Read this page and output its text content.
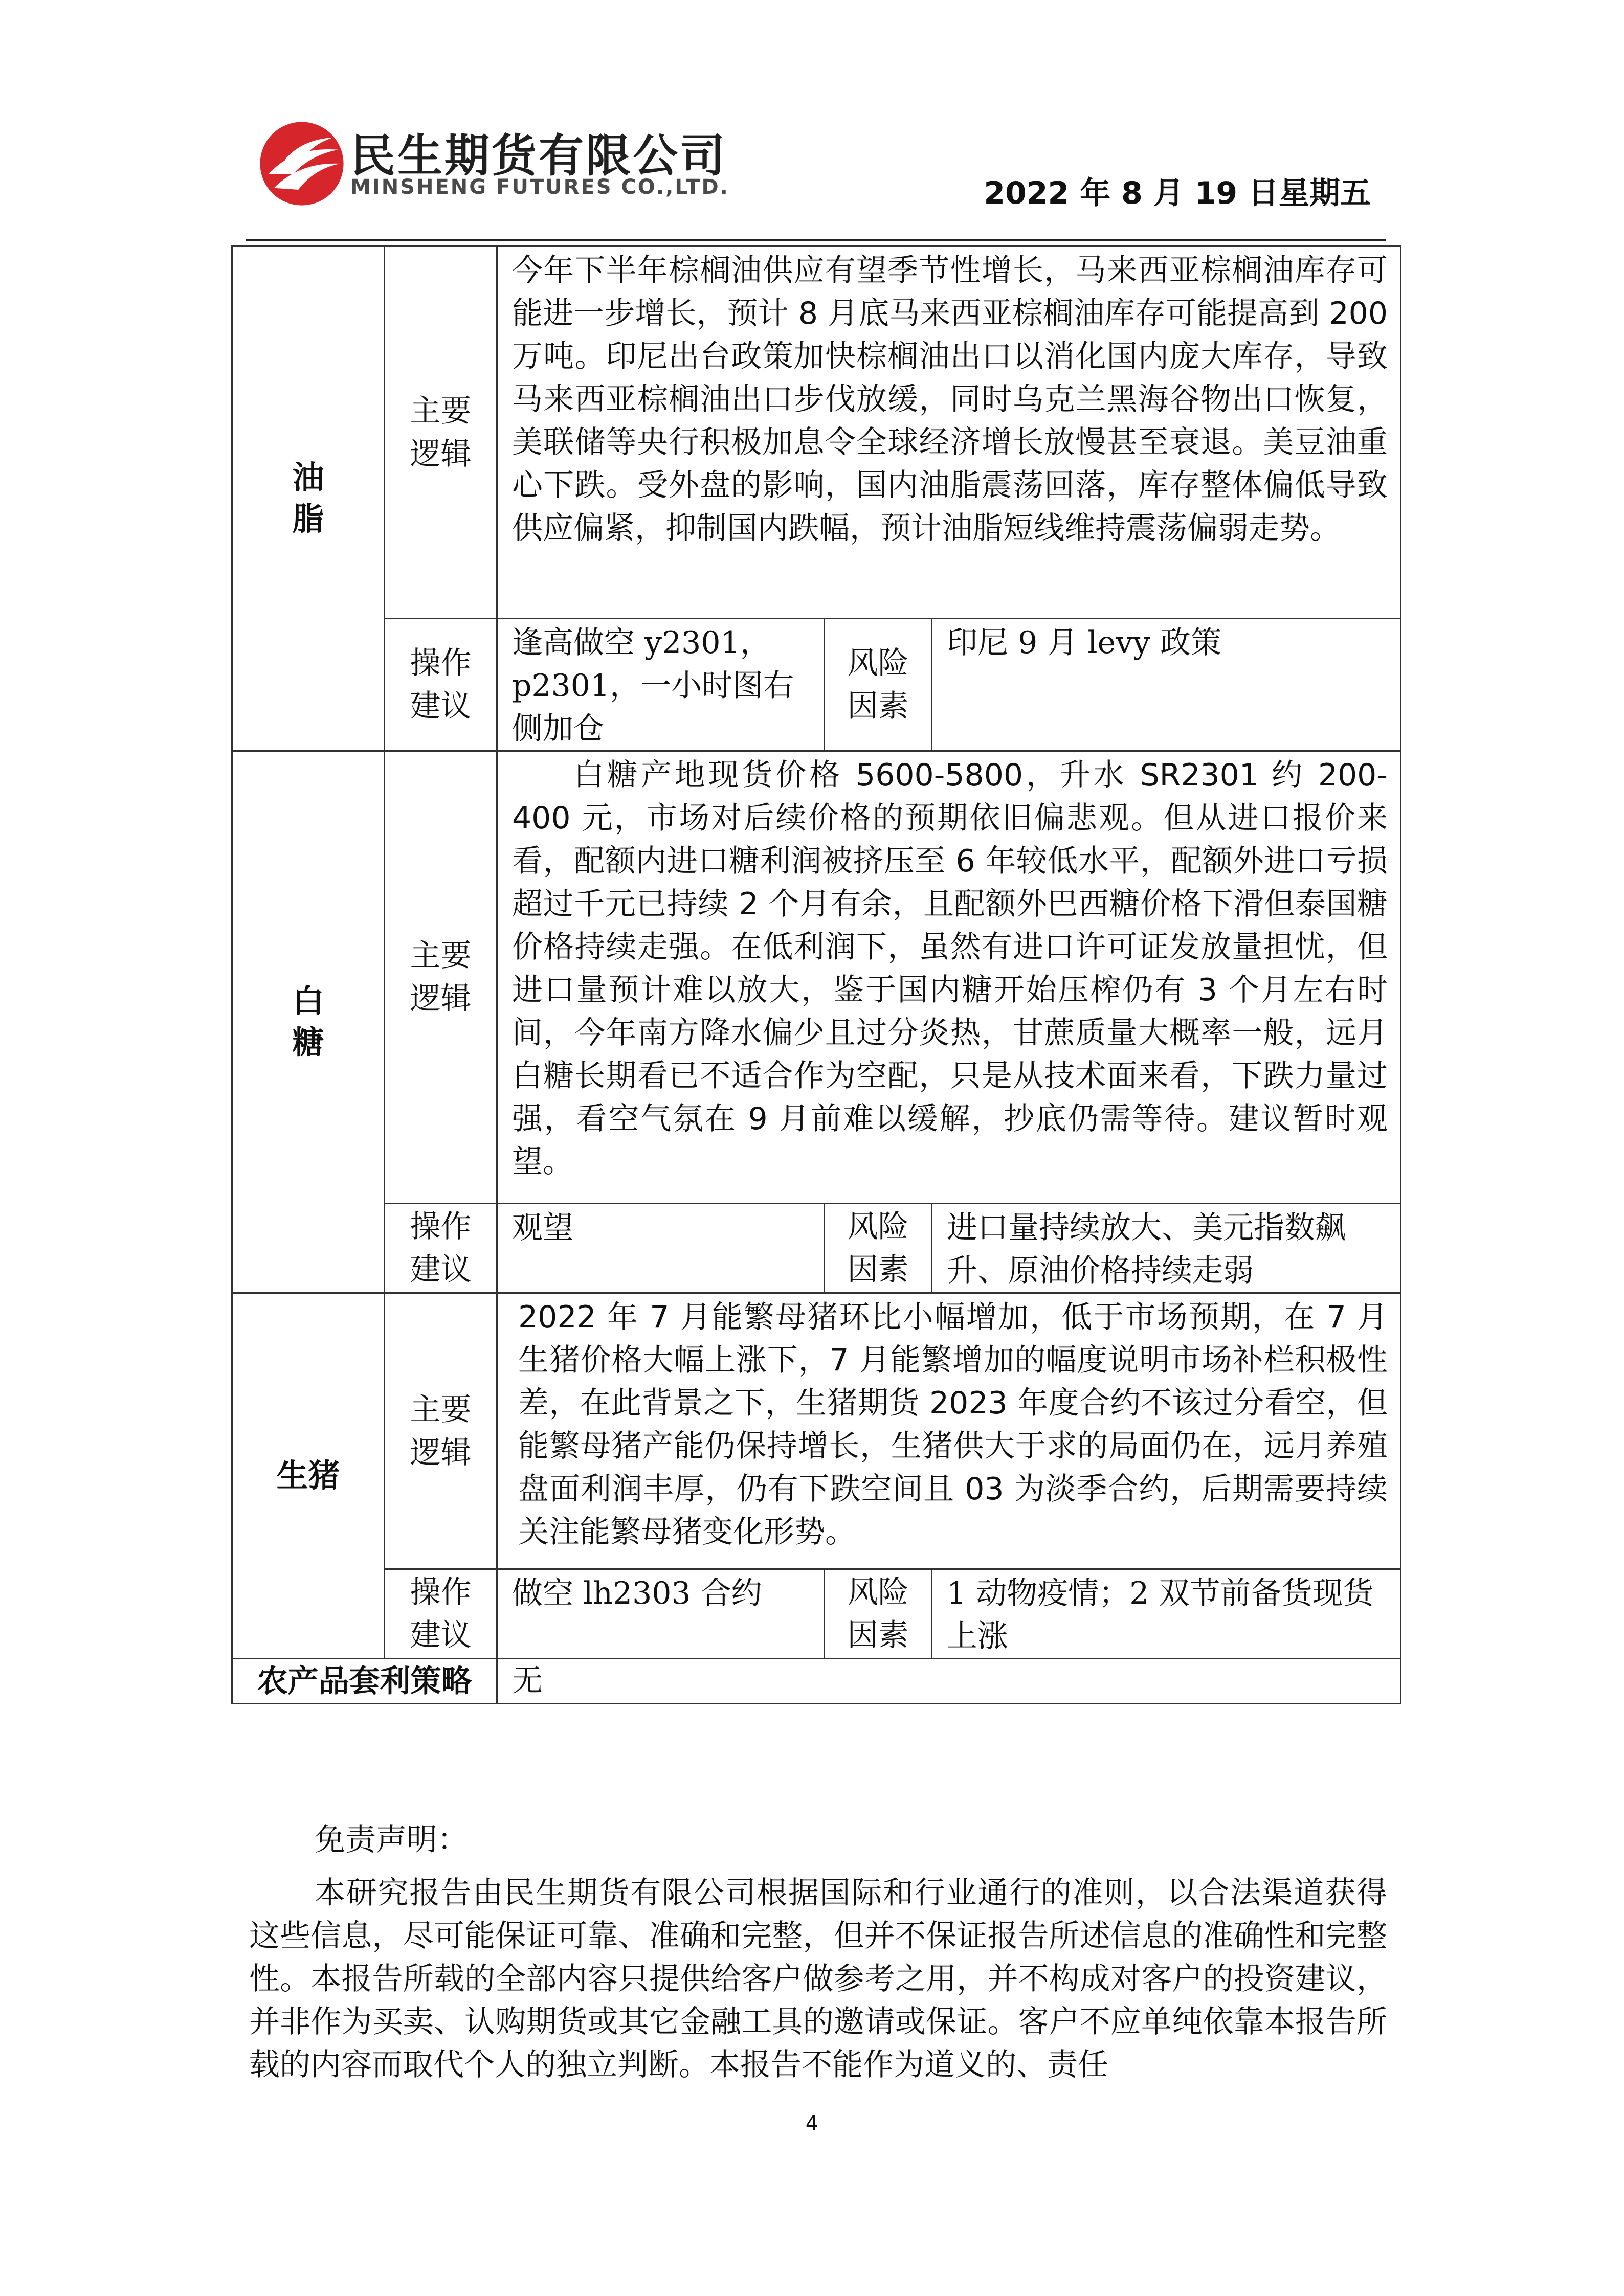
民生期货有限公司
MINSHENG FUTURES CO.,LTD.	2022 年 8 月 19 日星期五
油脂	主要逻辑	今年下半年棕榈油供应有望季节性增长，马来西亚棕榈油库存可能进一步增长，预计 8 月底马来西亚棕榈油库存可能提高到 200 万吨。印尼出台政策加快棕榈油出口以消化国内庞大库存，导致马来西亚棕榈油出口步伐放缓，同时乌克兰黑海谷物出口恢复，美联储等央行积极加息令全球经济增长放慢甚至衰退。美豆油重心下跌。受外盘的影响，国内油脂震荡回落，库存整体偏低导致供应偏紧，抑制国内跌幅，预计油脂短线维持震荡偏弱走势。		

	操作建议	逢高做空 y2301，p2301，一小时图右侧加仓	风险因素	印尼 9 月 levy 政策

白糖	主要逻辑	白糖产地现货价格 5600-5800，升水 SR2301 约 200-400 元，市场对后续价格的预期依旧偏悲观。但从进口报价来看，配额内进口糖利润被挤压至 6 年较低水平，配额外进口亏损超过千元已持续 2 个月有余，且配额外巴西糖价格下滑但泰国糖价格持续走强。在低利润下，虽然有进口许可证发放量担忧，但进口量预计难以放大，鉴于国内糖开始压榨仍有 3 个月左右时间，今年南方降水偏少且过分炎热，甘蔗质量大概率一般，远月白糖长期看已不适合作为空配，只是从技术面来看，下跌力量过强，看空气氛在 9 月前难以缓解，抄底仍需等待。建议暂时观望。		

	操作建议	观望	风险因素	进口量持续放大、美元指数飙升、原油价格持续走弱

生猪	主要逻辑	2022 年 7 月能繁母猪环比小幅增加，低于市场预期，在 7 月生猪价格大幅上涨下，7 月能繁增加的幅度说明市场补栏积极性差，在此背景之下，生猪期货 2023 年度合约不该过分看空，但能繁母猪产能仍保持增长，生猪供大于求的局面仍在，远月养殖盘面利润丰厚，仍有下跌空间且 03 为淡季合约，后期需要持续关注能繁母猪变化形势。		

	操作建议	做空 lh2303 合约	风险因素	1 动物疫情；2 双节前备货现货上涨
农产品套利策略		无		
免责声明：

本研究报告由民生期货有限公司根据国际和行业通行的准则，以合法渠道获得这些信息，尽可能保证可靠、准确和完整，但并不保证报告所述信息的准确性和完整性。本报告所载的全部内容只提供给客户做参考之用，并不构成对客户的投资建议，并非作为买卖、认购期货或其它金融工具的邀请或保证。客户不应单纯依靠本报告所载的内容而取代个人的独立判断。本报告不能作为道义的、责任

4
